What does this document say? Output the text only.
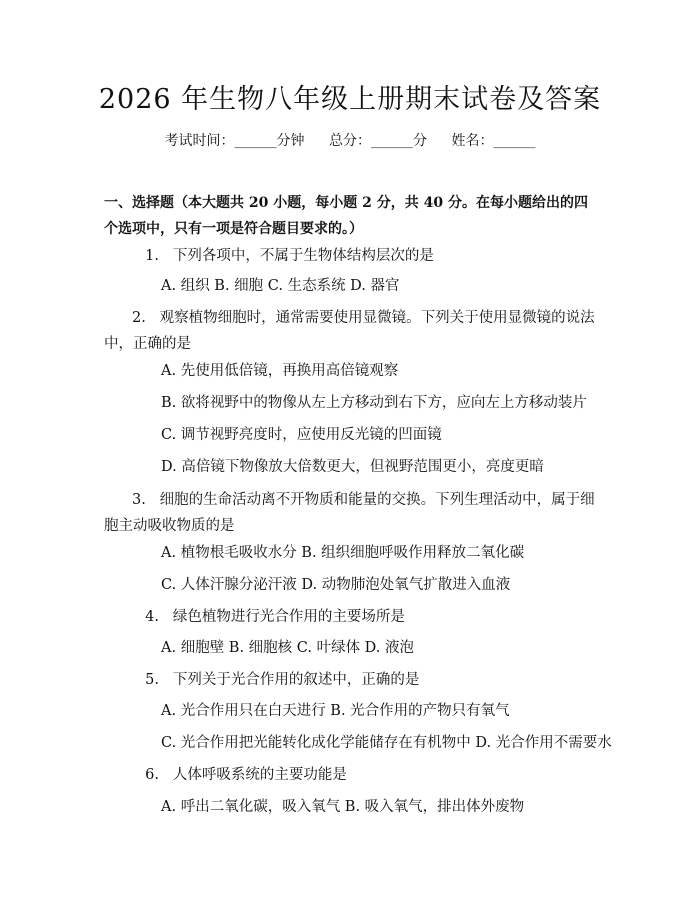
2026 年生物八年级上册期末试卷及答案
考试时间：______分钟 总分：______分 姓名：______
一、选择题（本大题共 20 小题，每小题 2 分，共 40 分。在每小题给出的四个选项中，只有一项是符合题目要求的。）
1. 下列各项中，不属于生物体结构层次的是
A. 组织 B. 细胞 C. 生态系统 D. 器官
2. 观察植物细胞时，通常需要使用显微镜。下列关于使用显微镜的说法中，正确的是
A. 先使用低倍镜，再换用高倍镜观察
B. 欲将视野中的物像从左上方移动到右下方，应向左上方移动装片
C. 调节视野亮度时，应使用反光镜的凹面镜
D. 高倍镜下物像放大倍数更大，但视野范围更小，亮度更暗
3. 细胞的生命活动离不开物质和能量的交换。下列生理活动中，属于细胞主动吸收物质的是
A. 植物根毛吸收水分 B. 组织细胞呼吸作用释放二氧化碳
C. 人体汗腺分泌汗液 D. 动物肺泡处氧气扩散进入血液
4. 绿色植物进行光合作用的主要场所是
A. 细胞壁 B. 细胞核 C. 叶绿体 D. 液泡
5. 下列关于光合作用的叙述中，正确的是
A. 光合作用只在白天进行 B. 光合作用的产物只有氧气
C. 光合作用把光能转化成化学能储存在有机物中 D. 光合作用不需要水
6. 人体呼吸系统的主要功能是
A. 呼出二氧化碳，吸入氧气 B. 吸入氧气，排出体外废物
